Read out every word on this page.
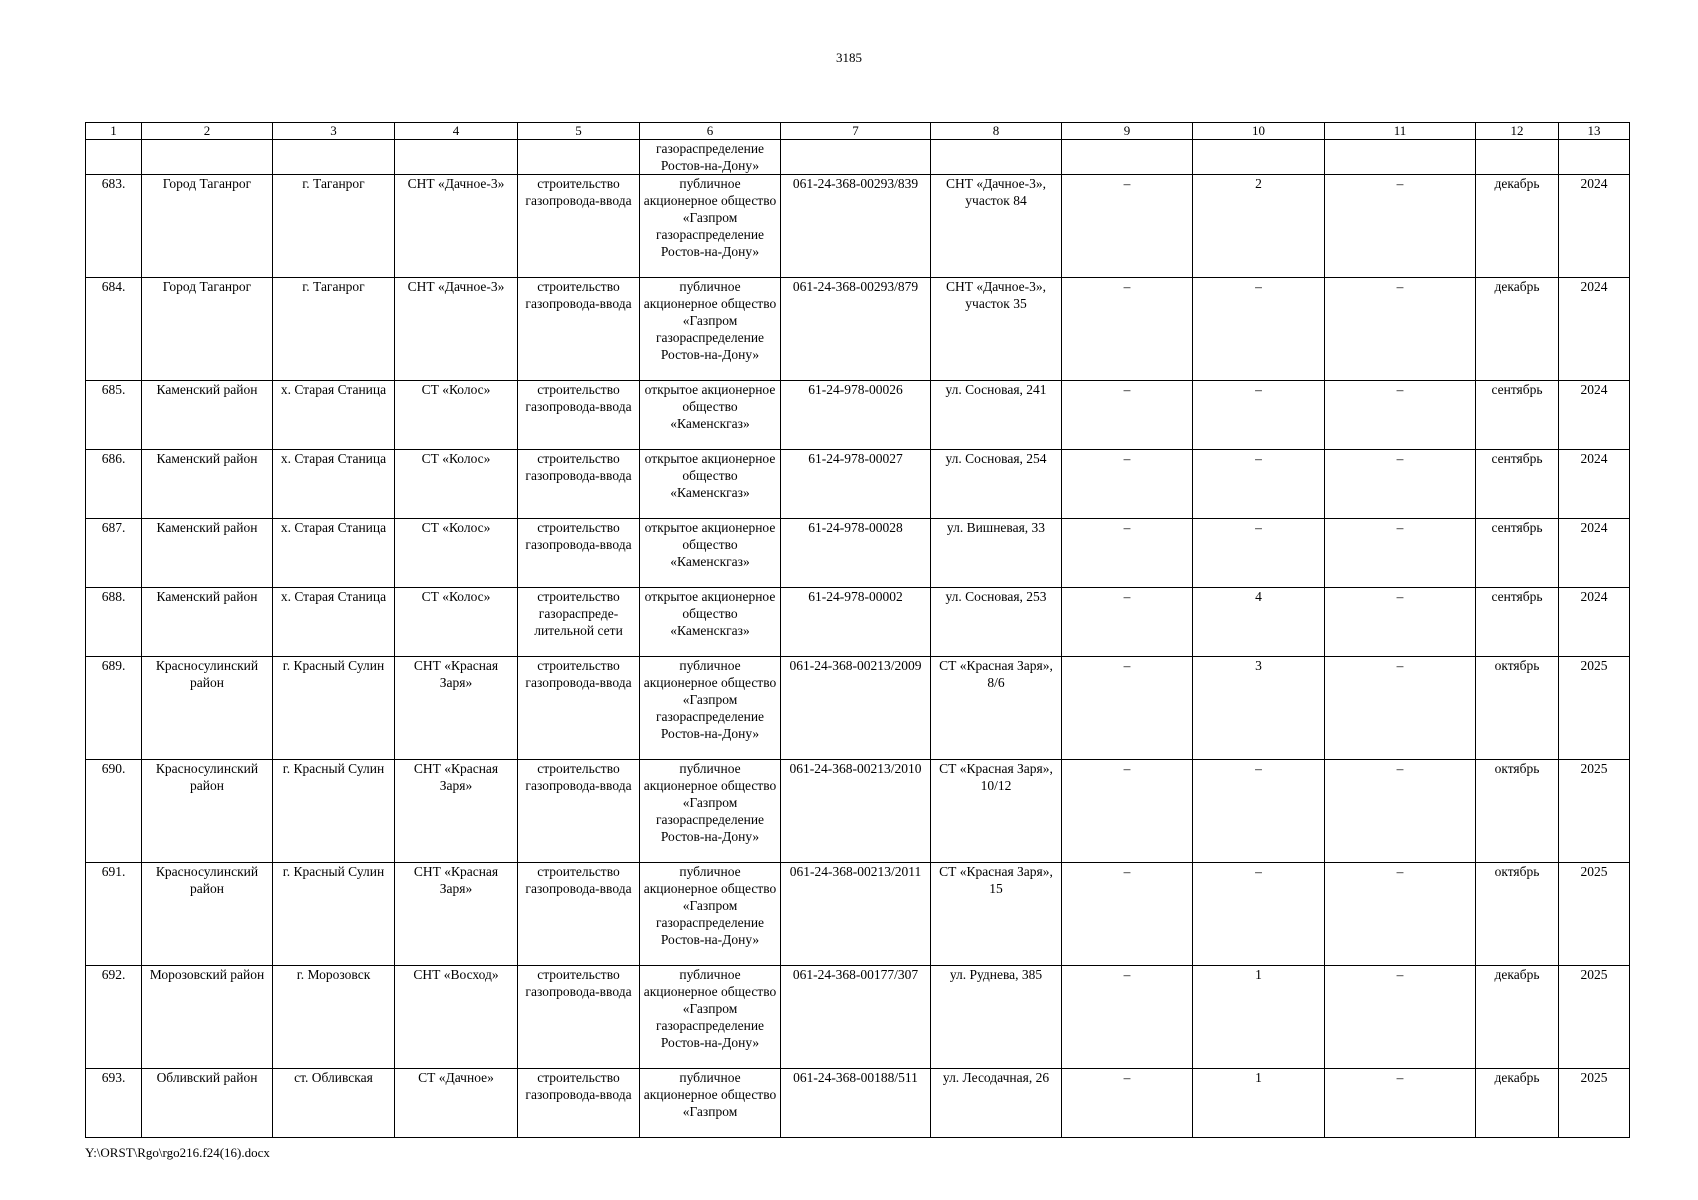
3185
1	2	3	4	5	6	7	8	9	10	11	12	13
					газораспределение Ростов-на-Дону»							
683.	Город Таганрог	г. Таганрог	СНТ «Дачное-3»	строительство газопровода-ввода	публичное акционерное общество «Газпром газораспределение Ростов-на-Дону»	061-24-368-00293/839	СНТ «Дачное-3», участок 84	–	2	–	декабрь	2024
684.	Город Таганрог	г. Таганрог	СНТ «Дачное-3»	строительство газопровода-ввода	публичное акционерное общество «Газпром газораспределение Ростов-на-Дону»	061-24-368-00293/879	СНТ «Дачное-3», участок 35	–	–	–	декабрь	2024
685.	Каменский район	х. Старая Станица	СТ «Колос»	строительство газопровода-ввода	открытое акционерное общество «Каменскгаз»	61-24-978-00026	ул. Сосновая, 241	–	–	–	сентябрь	2024
686.	Каменский район	х. Старая Станица	СТ «Колос»	строительство газопровода-ввода	открытое акционерное общество «Каменскгаз»	61-24-978-00027	ул. Сосновая, 254	–	–	–	сентябрь	2024
687.	Каменский район	х. Старая Станица	СТ «Колос»	строительство газопровода-ввода	открытое акционерное общество «Каменскгаз»	61-24-978-00028	ул. Вишневая, 33	–	–	–	сентябрь	2024
688.	Каменский район	х. Старая Станица	СТ «Колос»	строительство газораспреде-лительной сети	открытое акционерное общество «Каменскгаз»	61-24-978-00002	ул. Сосновая, 253	–	4	–	сентябрь	2024
689.	Красносулинский район	г. Красный Сулин	СНТ «Красная Заря»	строительство газопровода-ввода	публичное акционерное общество «Газпром газораспределение Ростов-на-Дону»	061-24-368-00213/2009	СТ «Красная Заря», 8/6	–	3	–	октябрь	2025
690.	Красносулинский район	г. Красный Сулин	СНТ «Красная Заря»	строительство газопровода-ввода	публичное акционерное общество «Газпром газораспределение Ростов-на-Дону»	061-24-368-00213/2010	СТ «Красная Заря», 10/12	–	–	–	октябрь	2025
691.	Красносулинский район	г. Красный Сулин	СНТ «Красная Заря»	строительство газопровода-ввода	публичное акционерное общество «Газпром газораспределение Ростов-на-Дону»	061-24-368-00213/2011	СТ «Красная Заря», 15	–	–	–	октябрь	2025
692.	Морозовский район	г. Морозовск	СНТ «Восход»	строительство газопровода-ввода	публичное акционерное общество «Газпром газораспределение Ростов-на-Дону»	061-24-368-00177/307	ул. Руднева, 385	–	1	–	декабрь	2025
693.	Обливский район	ст. Обливская	СТ «Дачное»	строительство газопровода-ввода	публичное акционерное общество «Газпром	061-24-368-00188/511	ул. Лесодачная, 26	–	1	–	декабрь	2025
Y:\ORST\Rgo\rgo216.f24(16).docx
